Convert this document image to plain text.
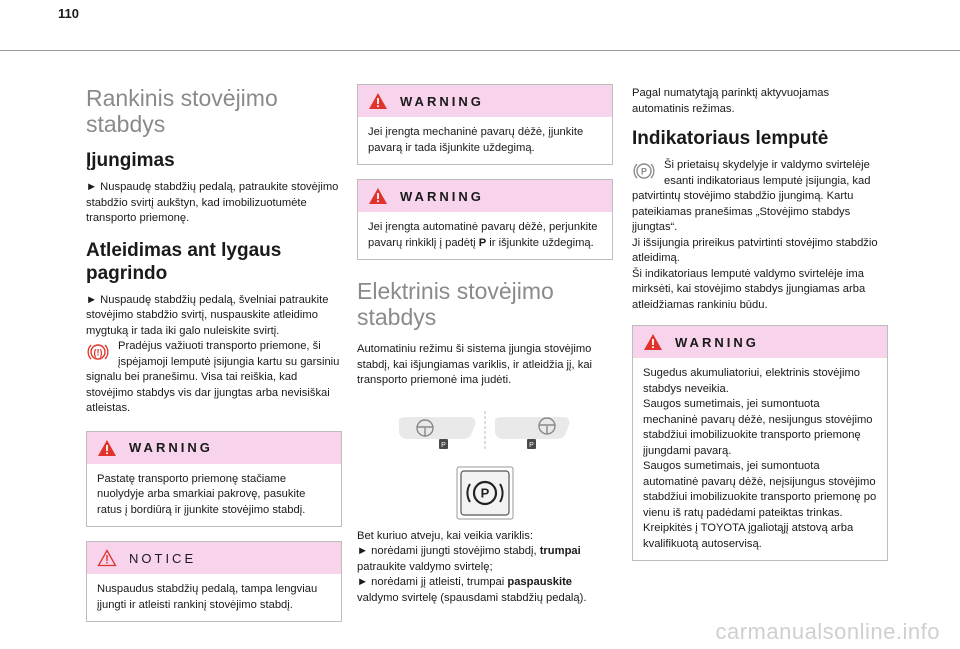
110
Rankinis stovėjimo stabdys
Įjungimas

► Nuspaudę stabdžių pedalą, patraukite stovėjimo stabdžio svirtį aukštyn, kad imobilizuotumėte transporto priemonę.

Atleidimas ant lygaus pagrindo

► Nuspaudę stabdžių pedalą, švelniai patraukite stovėjimo stabdžio svirtį, nuspauskite atleidimo mygtuką ir tada iki galo nuleiskite svirtį.

(!)
Pradėjus važiuoti transporto priemone, ši įspėjamoji lemputė įsijungia kartu su garsiniu signalu bei pranešimu. Visa tai reiškia, kad stovėjimo stabdys vis dar įjungtas arba nevisiškai atleistas.

WARNING

Pastatę transporto priemonę stačiame nuolydyje arba smarkiai pakrovę, pasukite ratus į bordiūrą ir įjunkite stovėjimo stabdį.

NOTICE

Nuspaudus stabdžių pedalą, tampa lengviau įjungti ir atleisti rankinį stovėjimo stabdį.

WARNING

Jei įrengta mechaninė pavarų dėžė, įjunkite pavarą ir tada išjunkite uždegimą.

WARNING

Jei įrengta automatinė pavarų dėžė, perjunkite pavarų rinkiklį į padėtį P ir išjunkite uždegimą.

Elektrinis stovėjimo stabdys

Automatiniu režimu ši sistema įjungia stovėjimo stabdį, kai išjungiamas variklis, ir atleidžia jį, kai transporto priemonė ima judėti.

P	P
P

Bet kuriuo atveju, kai veikia variklis:

► norėdami įjungti stovėjimo stabdį, trumpai patraukite valdymo svirtelę;

► norėdami jį atleisti, trumpai paspauskite valdymo svirtelę (spausdami stabdžių pedalą).

Pagal numatytąją parinktį aktyvuojamas automatinis režimas.

Indikatoriaus lemputė

P
Ši prietaisų skydelyje ir valdymo svirtelėje esanti indikatoriaus lemputė įsijungia, kad patvirtintų stovėjimo stabdžio įjungimą. Kartu pateikiamas pranešimas „Stovėjimo stabdys įjungtas“.

Ji išsijungia prireikus patvirtinti stovėjimo stabdžio atleidimą.

Ši indikatoriaus lemputė valdymo svirtelėje ima mirksėti, kai stovėjimo stabdys įjungiamas arba atleidžiamas rankiniu būdu.

WARNING

Sugedus akumuliatoriui, elektrinis stovėjimo stabdys neveikia.

Saugos sumetimais, jei sumontuota mechaninė pavarų dėžė, nesijungus stovėjimo stabdžiui imobilizuokite transporto priemonę įjungdami pavarą.

Saugos sumetimais, jei sumontuota automatinė pavarų dėžė, neįsijungus stovėjimo stabdžiui imobilizuokite transporto priemonę po vienu iš ratų padėdami pateiktas trinkas.

Kreipkitės į TOYOTA įgaliotąjį atstovą arba kvalifikuotą autoservisą.

carmanualsonline.info
